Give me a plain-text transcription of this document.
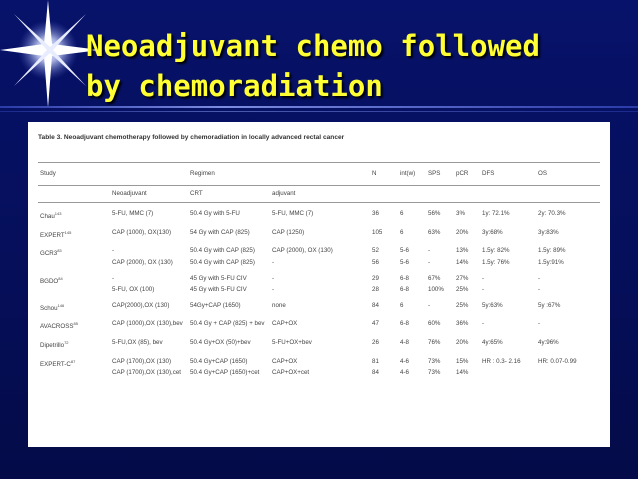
Neoadjuvant chemo followed
by chemoradiation
Table 3. Neoadjuvant chemotherapy followed by chemoradiation in locally advanced rectal cancer
Study		Regimen		N	int(w)	SPS	pCR	DFS	OS
	Neoadjuvant	CRT	adjuvant						

Chau$^{143}$	5-FU, MMC (7)	50.4 Gy with 5-FU	5-FU, MMC (7)	36	6	56%	3%	1y: 72.1%	2y: 70.3%

EXPERT$^{145}$	CAP (1000), OX(130)	54 Gy with CAP (825)	CAP (1250)	105	6	63%	20%	3y:68%	3y:83%

$GCR3^{83}$	-	50.4 Gy with CAP (825)	CAP (2000), OX (130)	52	5-6	-	13%	1.5y: 82%	1.5y: 89%
	CAP (2000), OX (130)	50.4 Gy with CAP (825)	-	56	5-6	-	14%	1.5y: 76%	1.5y:91%

BGDO$^{84}$	-	45 Gy with 5-FU CIV	-	29	6-8	67%	27%	-	-
	5-FU, OX (100)	45 Gy with 5-FU CIV	-	28	6-8	100%	25%	-	-

Schou$^{146}$	CAP(2000),OX (130)	54Gy+CAP (1650)	none	84	6	-	25%	5y:63%	5y :67%

AVACROSS$^{85}$	CAP (1000),OX (130),bev	50.4 Gy + CAP (825) + bev	CAP+OX	47	6-8	60%	36%	-	-

Dipetrillo$^{72}$	5-FU,OX (85), bev	50.4 Gy+OX (50)+bev	5-FU+OX+bev	26	4-8	76%	20%	4y:65%	4y:96%

EXPERT-$C^{87}$	CAP (1700),OX (130)	50.4 Gy+CAP (1650)	CAP+OX	81	4-6	73%	15%	HR : 0.3- 2.16	HR: 0.07-0.99
	CAP (1700),OX (130),cet	50.4 Gy+CAP (1650)+cet	CAP+OX+cet	84	4-6	73%	14%		
